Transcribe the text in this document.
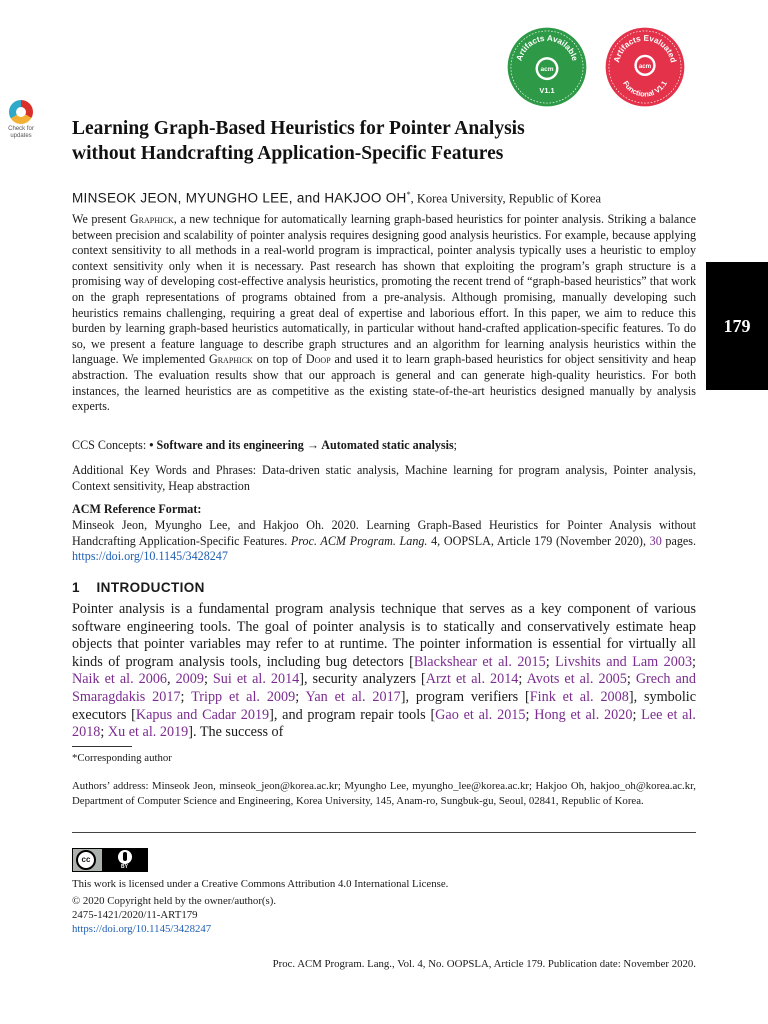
Check for
updates
Artifacts Available
acm
V1.1
Artifacts Evaluated
acm
Functional V1.1
Learning Graph-Based Heuristics for Pointer Analysis
without Handcrafting Application-Specific Features
MINSEOK JEON, MYUNGHO LEE, and HAKJOO OH*, Korea University, Republic of Korea
We present Graphick, a new technique for automatically learning graph-based heuristics for pointer analysis. Striking a balance between precision and scalability of pointer analysis requires designing good analysis heuristics. For example, because applying context sensitivity to all methods in a real-world program is impractical, pointer analysis typically uses a heuristic to employ context sensitivity only when it is necessary. Past research has shown that exploiting the program’s graph structure is a promising way of developing cost-effective analysis heuristics, promoting the recent trend of “graph-based heuristics” that work on the graph representations of programs obtained from a pre-analysis. Although promising, manually developing such heuristics remains challenging, requiring a great deal of expertise and laborious effort. In this paper, we aim to reduce this burden by learning graph-based heuristics automatically, in particular without hand-crafted application-specific features. To do so, we present a feature language to describe graph structures and an algorithm for learning analysis heuristics within the language. We implemented Graphick on top of Doop and used it to learn graph-based heuristics for object sensitivity and heap abstraction. The evaluation results show that our approach is general and can generate high-quality heuristics. For both instances, the learned heuristics are as competitive as the existing state-of-the-art heuristics designed manually by analysis experts.
CCS Concepts: • Software and its engineering → Automated static analysis;
Additional Key Words and Phrases: Data-driven static analysis, Machine learning for program analysis, Pointer analysis, Context sensitivity, Heap abstraction
ACM Reference Format:
Minseok Jeon, Myungho Lee, and Hakjoo Oh. 2020. Learning Graph-Based Heuristics for Pointer Analysis without Handcrafting Application-Specific Features. Proc. ACM Program. Lang. 4, OOPSLA, Article 179 (November 2020), 30 pages. https://doi.org/10.1145/3428247
1 INTRODUCTION
Pointer analysis is a fundamental program analysis technique that serves as a key component of various software engineering tools. The goal of pointer analysis is to statically and conservatively estimate heap objects that pointer variables may refer to at runtime. The pointer information is essential for virtually all kinds of program analysis tools, including bug detectors [Blackshear et al. 2015; Livshits and Lam 2003; Naik et al. 2006, 2009; Sui et al. 2014], security analyzers [Arzt et al. 2014; Avots et al. 2005; Grech and Smaragdakis 2017; Tripp et al. 2009; Yan et al. 2017], program verifiers [Fink et al. 2008], symbolic executors [Kapus and Cadar 2019], and program repair tools [Gao et al. 2015; Hong et al. 2020; Lee et al. 2018; Xu et al. 2019]. The success of
*Corresponding author
Authors’ address: Minseok Jeon, minseok_jeon@korea.ac.kr; Myungho Lee, myungho_lee@korea.ac.kr; Hakjoo Oh, hakjoo_oh@korea.ac.kr, Department of Computer Science and Engineering, Korea University, 145, Anam-ro, Sungbuk-gu, Seoul, 02841, Republic of Korea.
cc
BY
This work is licensed under a Creative Commons Attribution 4.0 International License.
© 2020 Copyright held by the owner/author(s).
2475-1421/2020/11-ART179
https://doi.org/10.1145/3428247
Proc. ACM Program. Lang., Vol. 4, No. OOPSLA, Article 179. Publication date: November 2020.
179
